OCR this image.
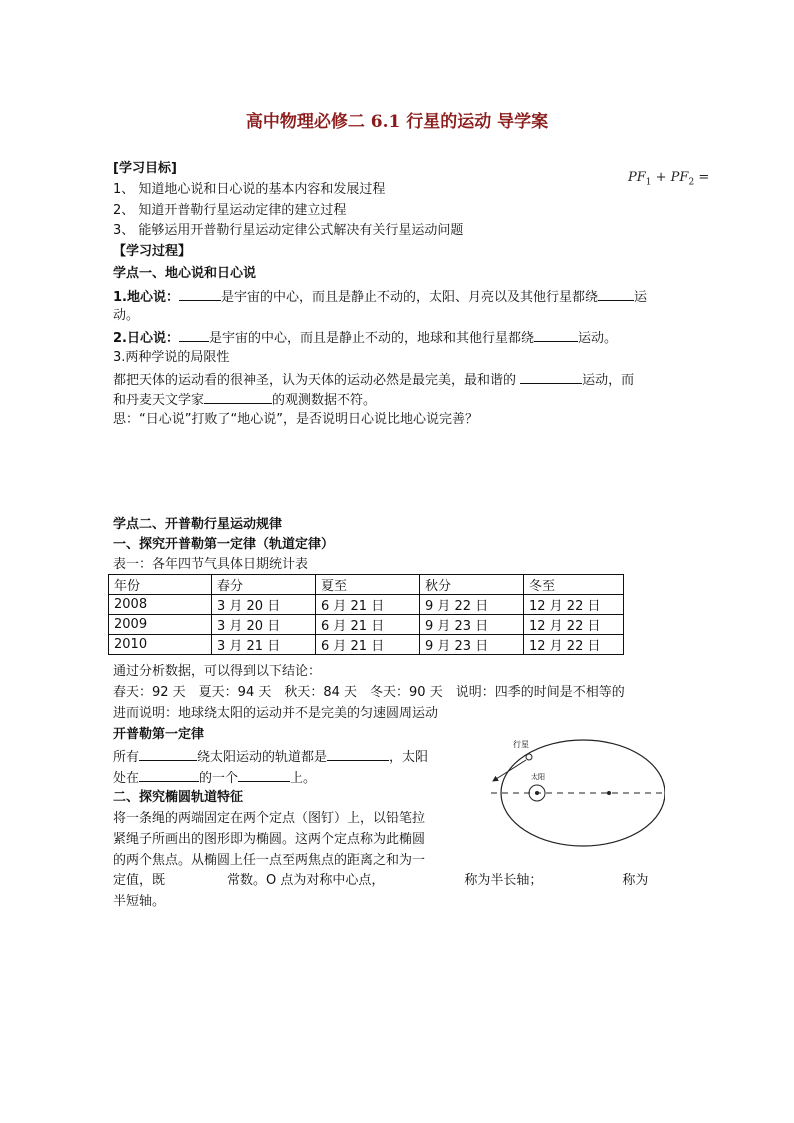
高中物理必修二 6.1 行星的运动 导学案
$PF_1 + PF_2$ =
[学习目标]
1、 知道地心说和日心说的基本内容和发展过程
2、 知道开普勒行星运动定律的建立过程
3、 能够运用开普勒行星运动定律公式解决有关行星运动问题
【学习过程】
学点一、地心说和日心说
1.地心说：	是宇宙的中心，而且是静止不动的，太阳、月亮以及其他行星都绕	运
动。
2.日心说： 是宇宙的中心，而且是静止不动的，地球和其他行星都绕	运动。
3.两种学说的局限性
都把天体的运动看的很神圣，认为天体的运动必然是最完美，最和谐的	运动，而
和丹麦天文学家	的观测数据不符。
思：“日心说”打败了“地心说”，是否说明日心说比地心说完善？
学点二、开普勒行星运动规律
一、探究开普勒第一定律（轨道定律）
表一：各年四节气具体日期统计表
年份	春分	夏至	秋分	冬至
2008	3 月 20 日	6 月 21 日	9 月 22 日	12 月 22 日
2009	3 月 20 日	6 月 21 日	9 月 23 日	12 月 22 日
2010	3 月 21 日	6 月 21 日	9 月 23 日	12 月 22 日
通过分析数据，可以得到以下结论：
春天：92 天　夏天：94 天　秋天：84 天　冬天：90 天　说明：四季的时间是不相等的
进而说明：地球绕太阳的运动并不是完美的匀速圆周运动
开普勒第一定律
所有	绕太阳运动的轨道都是	，太阳
处在	的一个	上。
二、探究椭圆轨道特征
将一条绳的两端固定在两个定点（图钉）上，以铅笔拉
紧绳子所画出的图形即为椭圆。这两个定点称为此椭圆
的两个焦点。从椭圆上任一点至两焦点的距离之和为一
定值，既	常数。O 点为对称中心点，	称为半长轴；	称为
半短轴。
行星
太阳
